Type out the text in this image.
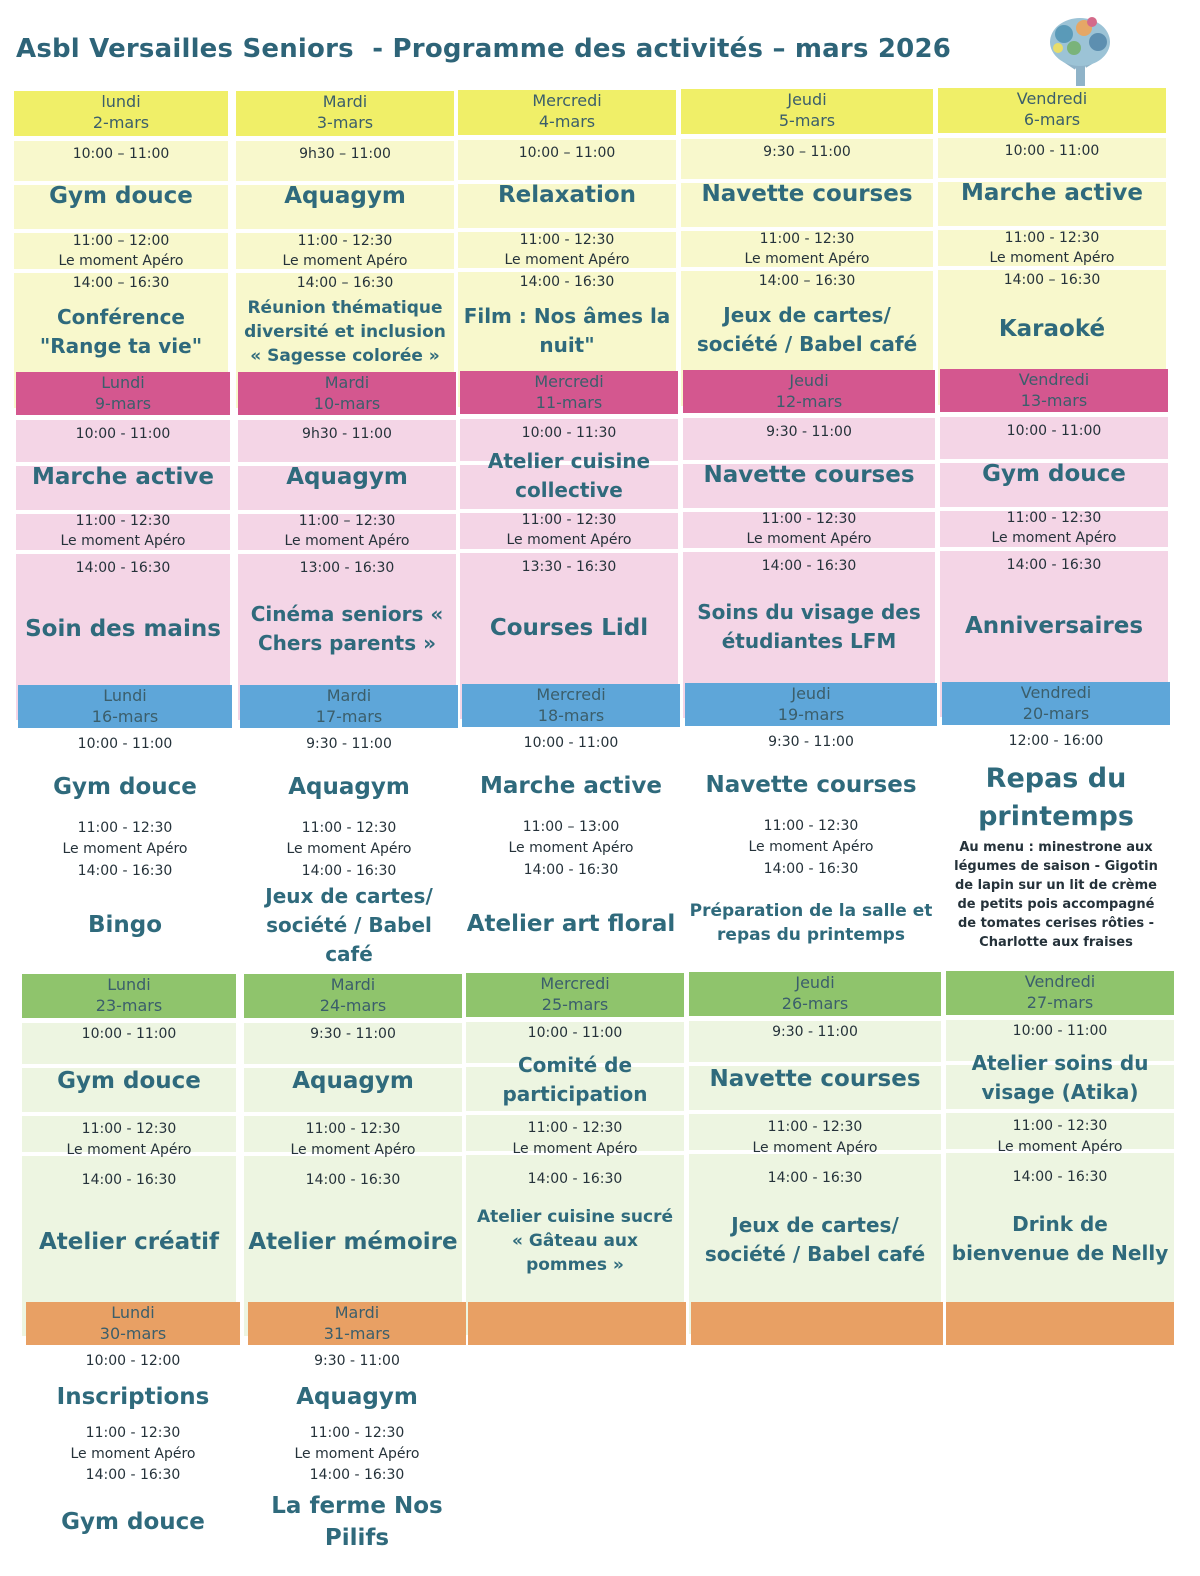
Asbl Versailles Seniors  - Programme des activités – mars 2026
lundi
2-mars
10:00 – 11:00
Gym douce
11:00 – 12:00
Le moment Apéro
14:00 – 16:30
Conférence "Range ta vie"
Mardi
3-mars
9h30 – 11:00
Aquagym
11:00 - 12:30
Le moment Apéro
14:00 – 16:30
Réunion thématique diversité et inclusion « Sagesse colorée »
Mercredi
4-mars
10:00 – 11:00
Relaxation
11:00 - 12:30
Le moment Apéro
14:00 - 16:30
Film : Nos âmes la nuit"
Jeudi
5-mars
9:30 – 11:00
Navette courses
11:00 - 12:30
Le moment Apéro
14:00 – 16:30
Jeux de cartes/ société / Babel café
Vendredi
6-mars
10:00 - 11:00
Marche active
11:00 - 12:30
Le moment Apéro
14:00 – 16:30
Karaoké
Lundi
9-mars
10:00 - 11:00
Marche active
11:00 - 12:30
Le moment Apéro
14:00 - 16:30
Soin des mains
Mardi
10-mars
9h30 - 11:00
Aquagym
11:00 – 12:30
Le moment Apéro
13:00 - 16:30
Cinéma seniors « Chers parents »
Mercredi
11-mars
10:00 - 11:30
Atelier cuisine collective
11:00 - 12:30
Le moment Apéro
13:30 - 16:30
Courses Lidl
Jeudi
12-mars
9:30 - 11:00
Navette courses
11:00 - 12:30
Le moment Apéro
14:00 - 16:30
Soins du visage des étudiantes LFM
Vendredi
13-mars
10:00 - 11:00
Gym douce
11:00 - 12:30
Le moment Apéro
14:00 - 16:30
Anniversaires
Lundi
16-mars
10:00 - 11:00
Gym douce
11:00 - 12:30
Le moment Apéro
14:00 - 16:30
Bingo
Mardi
17-mars
9:30 - 11:00
Aquagym
11:00 - 12:30
Le moment Apéro
14:00 - 16:30
Jeux de cartes/ société / Babel café
Mercredi
18-mars
10:00 - 11:00
Marche active
11:00 – 13:00
Le moment Apéro
14:00 - 16:30
Atelier art floral
Jeudi
19-mars
9:30 - 11:00
Navette courses
11:00 - 12:30
Le moment Apéro
14:00 - 16:30
Préparation de la salle et repas du printemps
Vendredi
20-mars
12:00 - 16:00
Repas du printemps
Au menu : minestrone aux légumes de saison - Gigotin de lapin sur un lit de crème de petits pois accompagné de tomates cerises rôties - Charlotte aux fraises
Lundi
23-mars
10:00 - 11:00
Gym douce
11:00 - 12:30
Le moment Apéro
14:00 - 16:30
Atelier créatif
Mardi
24-mars
9:30 - 11:00
Aquagym
11:00 - 12:30
Le moment Apéro
14:00 - 16:30
Atelier mémoire
Mercredi
25-mars
10:00 - 11:00
Comité de participation
11:00 - 12:30
Le moment Apéro
14:00 - 16:30
Atelier cuisine sucré « Gâteau aux pommes »
Jeudi
26-mars
9:30 - 11:00
Navette courses
11:00 - 12:30
Le moment Apéro
14:00 - 16:30
Jeux de cartes/ société / Babel café
Vendredi
27-mars
10:00 - 11:00
Atelier soins du visage (Atika)
11:00 - 12:30
Le moment Apéro
14:00 - 16:30
Drink de bienvenue de Nelly
Lundi
30-mars
10:00 - 12:00
Inscriptions
11:00 - 12:30
Le moment Apéro
14:00 - 16:30
Gym douce
Mardi
31-mars
9:30 - 11:00
Aquagym
11:00 - 12:30
Le moment Apéro
14:00 - 16:30
La ferme Nos Pilifs
